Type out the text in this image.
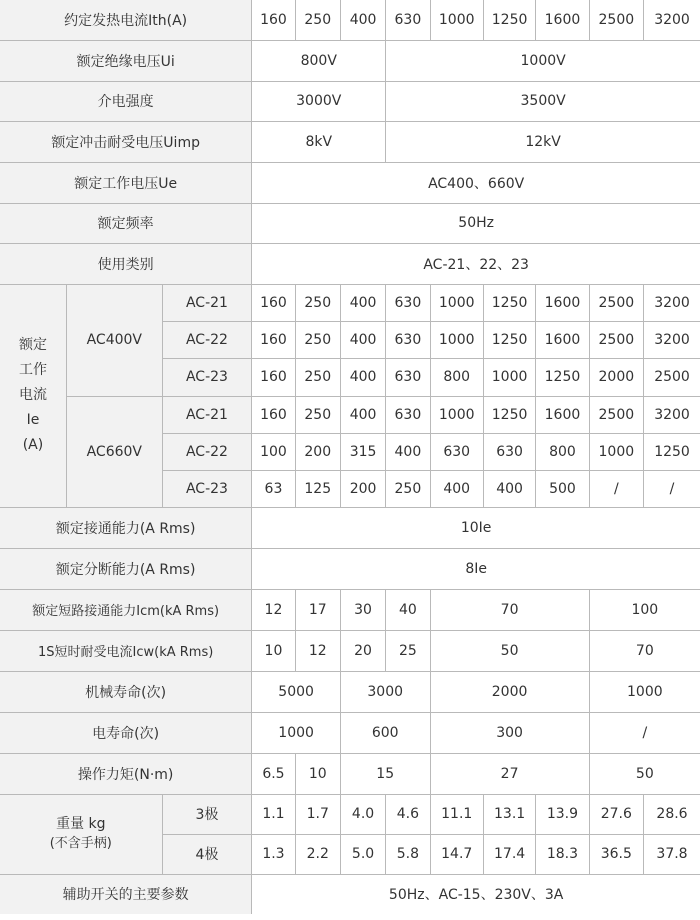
约定发热电流Ith(A)			160	250	400	630	1000	1250	1600	2500	3200
额定绝缘电压Ui			800V			1000V					
介电强度			3000V			3500V					
额定冲击耐受电压Uimp			8kV			12kV					
额定工作电压Ue			AC400、660V								
额定频率			50Hz								
使用类别			AC-21、22、23								

额定
工作
电流
Ie
(A)	AC400V	AC-21	160	250	400	630	1000	1250	1600	2500	3200
		AC-22	160	250	400	630	1000	1250	1600	2500	3200
		AC-23	160	250	400	630	800	1000	1250	2000	2500
	AC660V	AC-21	160	250	400	630	1000	1250	1600	2500	3200
		AC-22	100	200	315	400	630	630	800	1000	1250
		AC-23	63	125	200	250	400	400	500	/	/
额定接通能力(A Rms)			10Ie								
额定分断能力(A Rms)			8Ie								
额定短路接通能力Icm(kA Rms)			12	17	30	40	70			100	
1S短时耐受电流Icw(kA Rms)			10	12	20	25	50			70	
机械寿命(次)			5000		3000		2000			1000	
电寿命(次)			1000		600		300			/	
操作力矩(N·m)			6.5	10	15		27			50	

重量 kg
(不含手柄)		3极	1.1	1.7	4.0	4.6	11.1	13.1	13.9	27.6	28.6
		4极	1.3	2.2	5.0	5.8	14.7	17.4	18.3	36.5	37.8
辅助开关的主要参数			50Hz、AC-15、230V、3A								
